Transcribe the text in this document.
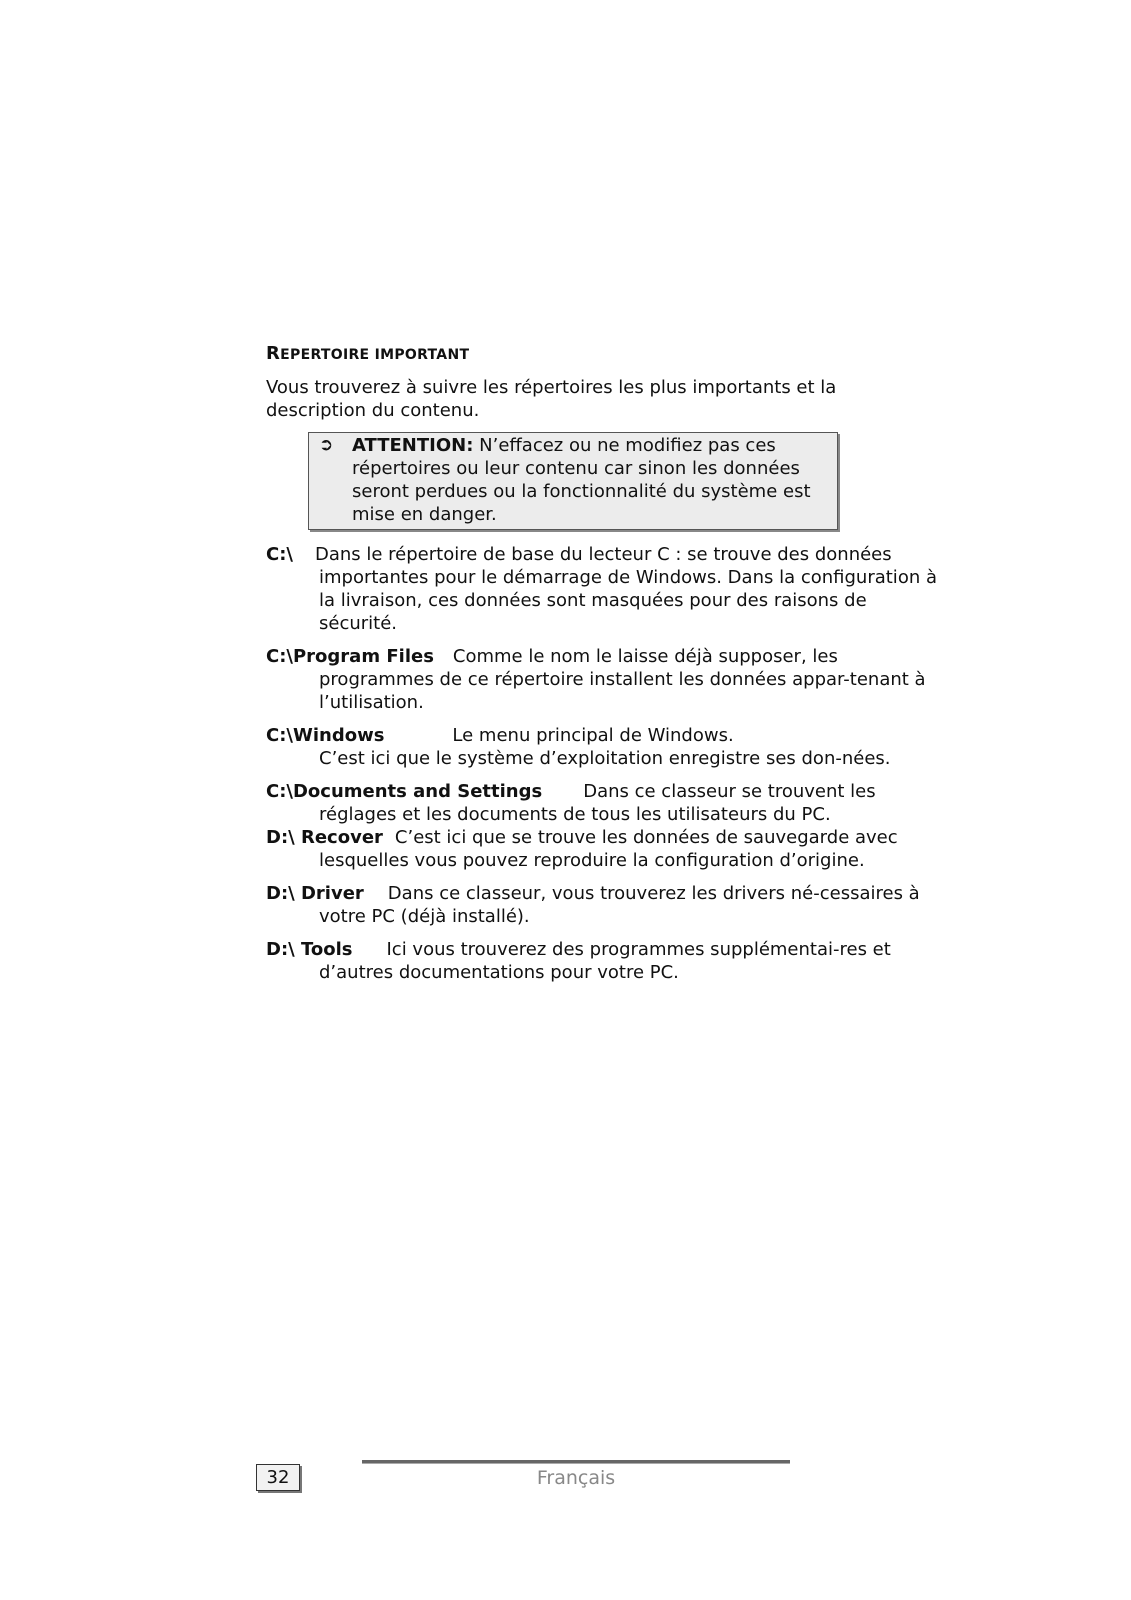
REPERTOIRE IMPORTANT

Vous trouverez à suivre les répertoires les plus importants et la description du contenu.

➲ ATTENTION: N’effacez ou ne modifiez pas ces répertoires ou leur contenu car sinon les données seront perdues ou la fonctionnalité du système est mise en danger.

C:\ Dans le répertoire de base du lecteur C : se trouve des données importantes pour le démarrage de Windows. Dans la configuration à la livraison, ces données sont masquées pour des raisons de sécurité.

C:\Program Files Comme le nom le laisse déjà supposer, les programmes de ce répertoire installent les données appar-tenant à l’utilisation.

C:\Windows	Le menu principal de Windows.
C’est ici que le système d’exploitation enregistre ses don-nées.

C:\Documents and Settings Dans ce classeur se trouvent les réglages et les documents de tous les utilisateurs du PC.

D:\ Recover C’est ici que se trouve les données de sauvegarde avec lesquelles vous pouvez reproduire la configuration d’origine.

D:\ Driver Dans ce classeur, vous trouverez les drivers né-cessaires à votre PC (déjà installé).

D:\ Tools Ici vous trouverez des programmes supplémentai-res et d’autres documentations pour votre PC.

32	Français
